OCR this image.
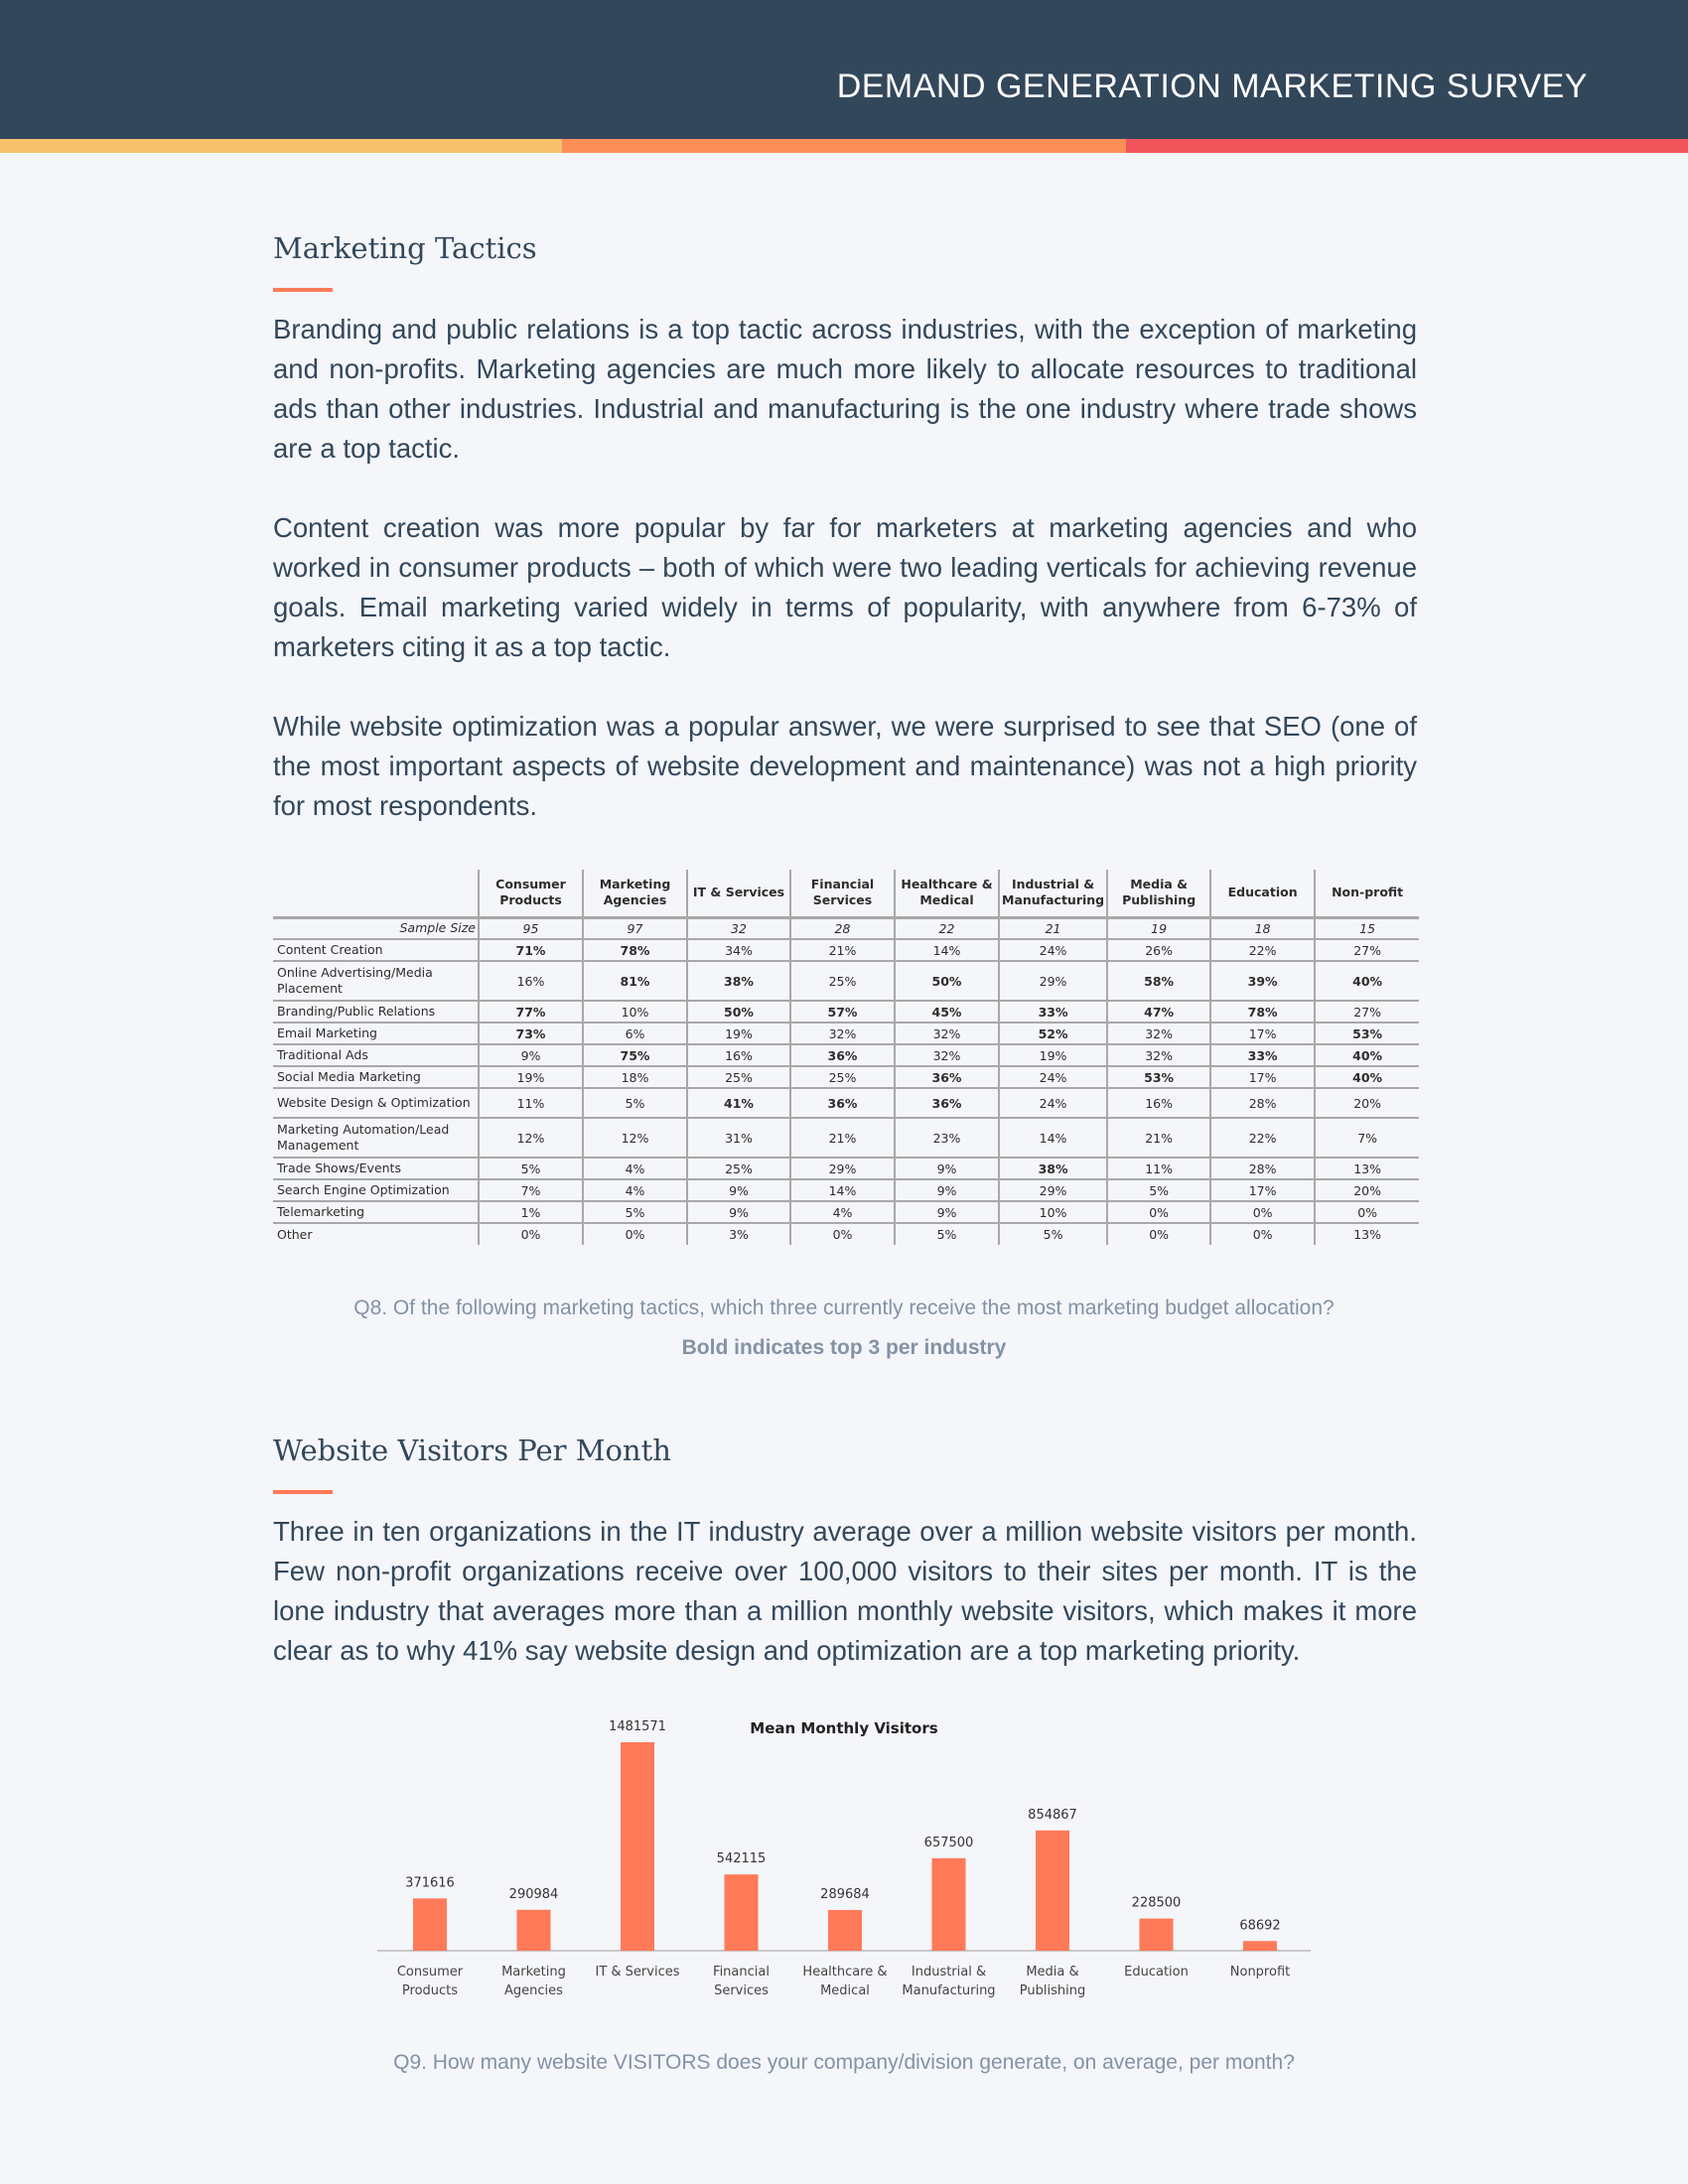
DEMAND GENERATION MARKETING SURVEY
Marketing Tactics
Branding and public relations is a top tactic across industries, with the exception of marketing and non-profits. Marketing agencies are much more likely to allocate resources to traditional ads than other industries. Industrial and manufacturing is the one industry where trade shows are a top tactic.
Content creation was more popular by far for marketers at marketing agencies and who worked in consumer products – both of which were two leading verticals for achieving revenue goals. Email marketing varied widely in terms of popularity, with anywhere from 6-73% of marketers citing it as a top tactic.
While website optimization was a popular answer, we were surprised to see that SEO (one of the most important aspects of website development and maintenance) was not a high priority for most respondents.
	Consumer Products	Marketing Agencies	IT & Services	Financial Services	Healthcare & Medical	Industrial & Manufacturing	Media & Publishing	Education	Non-profit
Sample Size	95	97	32	28	22	21	19	18	15
Content Creation	71%	78%	34%	21%	14%	24%	26%	22%	27%
Online Advertising/Media Placement	16%	81%	38%	25%	50%	29%	58%	39%	40%
Branding/Public Relations	77%	10%	50%	57%	45%	33%	47%	78%	27%
Email Marketing	73%	6%	19%	32%	32%	52%	32%	17%	53%
Traditional Ads	9%	75%	16%	36%	32%	19%	32%	33%	40%
Social Media Marketing	19%	18%	25%	25%	36%	24%	53%	17%	40%
Website Design & Optimization	11%	5%	41%	36%	36%	24%	16%	28%	20%
Marketing Automation/Lead Management	12%	12%	31%	21%	23%	14%	21%	22%	7%
Trade Shows/Events	5%	4%	25%	29%	9%	38%	11%	28%	13%
Search Engine Optimization	7%	4%	9%	14%	9%	29%	5%	17%	20%
Telemarketing	1%	5%	9%	4%	9%	10%	0%	0%	0%
Other	0%	0%	3%	0%	5%	5%	0%	0%	13%
Q8. Of the following marketing tactics, which three currently receive the most marketing budget allocation?
Bold indicates top 3 per industry
Website Visitors Per Month
Three in ten organizations in the IT industry average over a million website visitors per month. Few non-profit organizations receive over 100,000 visitors to their sites per month. IT is the lone industry that averages more than a million monthly website visitors, which makes it more clear as to why 41% say website design and optimization are a top marketing priority.
Mean Monthly Visitors
371616
Consumer
Products
290984
Marketing
Agencies
1481571
IT & Services
542115
Financial
Services
289684
Healthcare &
Medical
657500
Industrial &
Manufacturing
854867
Media &
Publishing
228500
Education
68692
Nonprofit
Q9. How many website VISITORS does your company/division generate, on average, per month?
